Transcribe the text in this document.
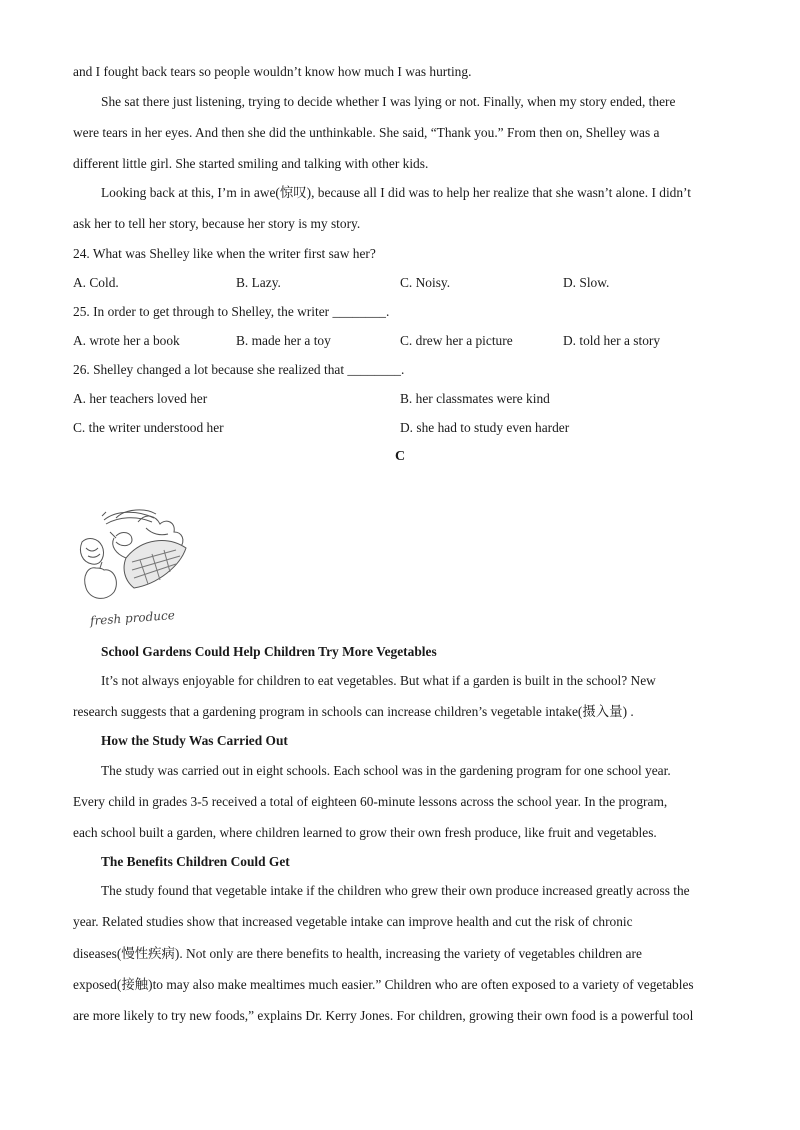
and I fought back tears so people wouldn’t know how much I was hurting.
She sat there just listening, trying to decide whether I was lying or not. Finally, when my story ended, there
were tears in her eyes. And then she did the unthinkable. She said, “Thank you.” From then on, Shelley was a
different little girl. She started smiling and talking with other kids.
Looking back at this, I’m in awe(惊叹), because all I did was to help her realize that she wasn’t alone. I didn’t
ask her to tell her story, because her story is my story.
24. What was Shelley like when the writer first saw her?
A. Cold.	B. Lazy.	C. Noisy.	D. Slow.
25. In order to get through to Shelley, the writer ________.
A. wrote her a book	B. made her a toy	C. drew her a picture	D. told her a story
26. Shelley changed a lot because she realized that ________.
A. her teachers loved her	B. her classmates were kind
C. the writer understood her	D. she had to study even harder
C
fresh produce
School Gardens Could Help Children Try More Vegetables
It’s not always enjoyable for children to eat vegetables. But what if a garden is built in the school? New
research suggests that a gardening program in schools can increase children’s vegetable intake(摄入量) .
How the Study Was Carried Out
The study was carried out in eight schools. Each school was in the gardening program for one school year.
Every child in grades 3-5 received a total of eighteen 60-minute lessons across the school year. In the program,
each school built a garden, where children learned to grow their own fresh produce, like fruit and vegetables.
The Benefits Children Could Get
The study found that vegetable intake if the children who grew their own produce increased greatly across the
year. Related studies show that increased vegetable intake can improve health and cut the risk of chronic
diseases(慢性疾病). Not only are there benefits to health, increasing the variety of vegetables children are
exposed(接触)to may also make mealtimes much easier.” Children who are often exposed to a variety of vegetables
are more likely to try new foods,” explains Dr. Kerry Jones. For children, growing their own food is a powerful tool
